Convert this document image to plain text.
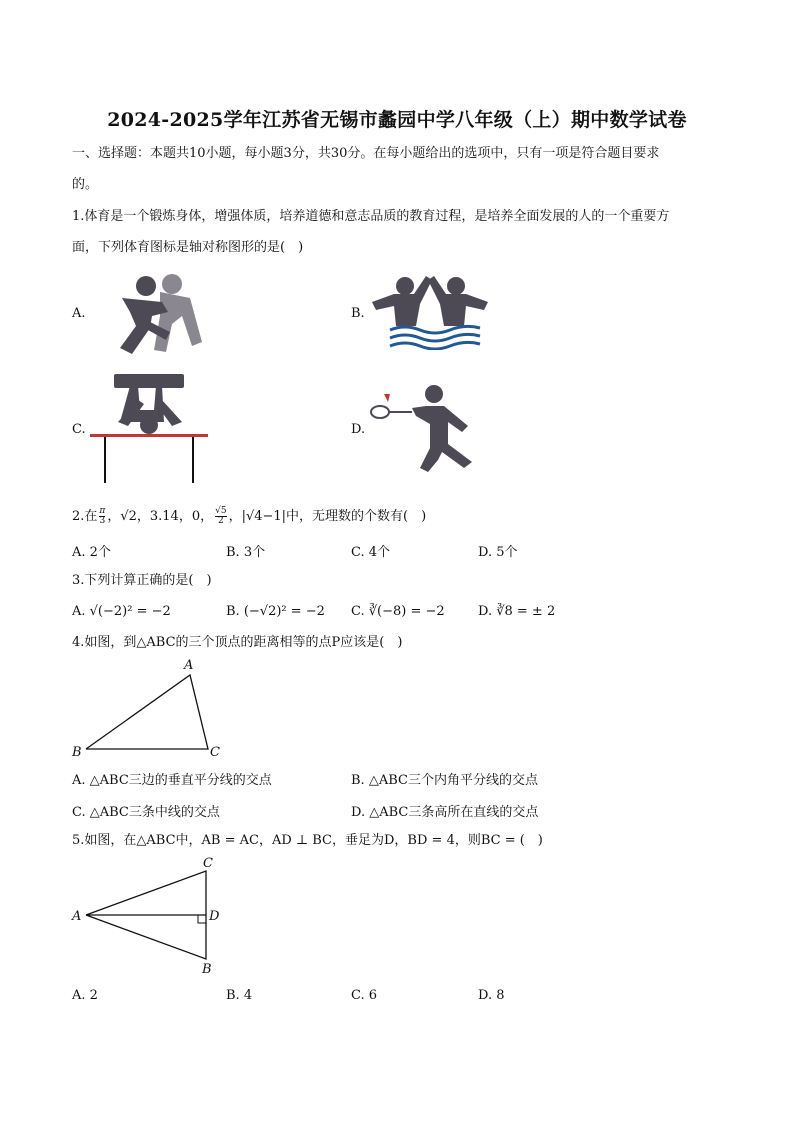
2024-2025学年江苏省无锡市蠡园中学八年级（上）期中数学试卷
一、选择题：本题共10小题，每小题3分，共30分。在每小题给出的选项中，只有一项是符合题目要求
的。
1.体育是一个锻炼身体，增强体质，培养道德和意志品质的教育过程，是培养全面发展的人的一个重要方
面，下列体育图标是轴对称图形的是(　)
A.	B.
C.	D.
2.在 $\frac{\pi}{3}$ ，√2，3.14，0， $\frac{√5}{2}$ ，|√4−1|中，无理数的个数有(　)
A. 2个	B. 3个	C. 4个	D. 5个
3.下列计算正确的是(　)
A. √(−2)² = −2	B. (−√2)² = −2 C. ∛(−8) = −2	D. ∛8 = ± 2
4.如图，到△ABC的三个顶点的距离相等的点P应该是(　)
A
B	C
A. △ABC三边的垂直平分线的交点	B. △ABC三个内角平分线的交点
C. △ABC三条中线的交点	D. △ABC三条高所在直线的交点
5.如图，在△ABC中，AB = AC，AD ⊥ BC，垂足为D，BD = 4，则BC = (　)
C
A	D
B
A. 2	B. 4	C. 6	D. 8
